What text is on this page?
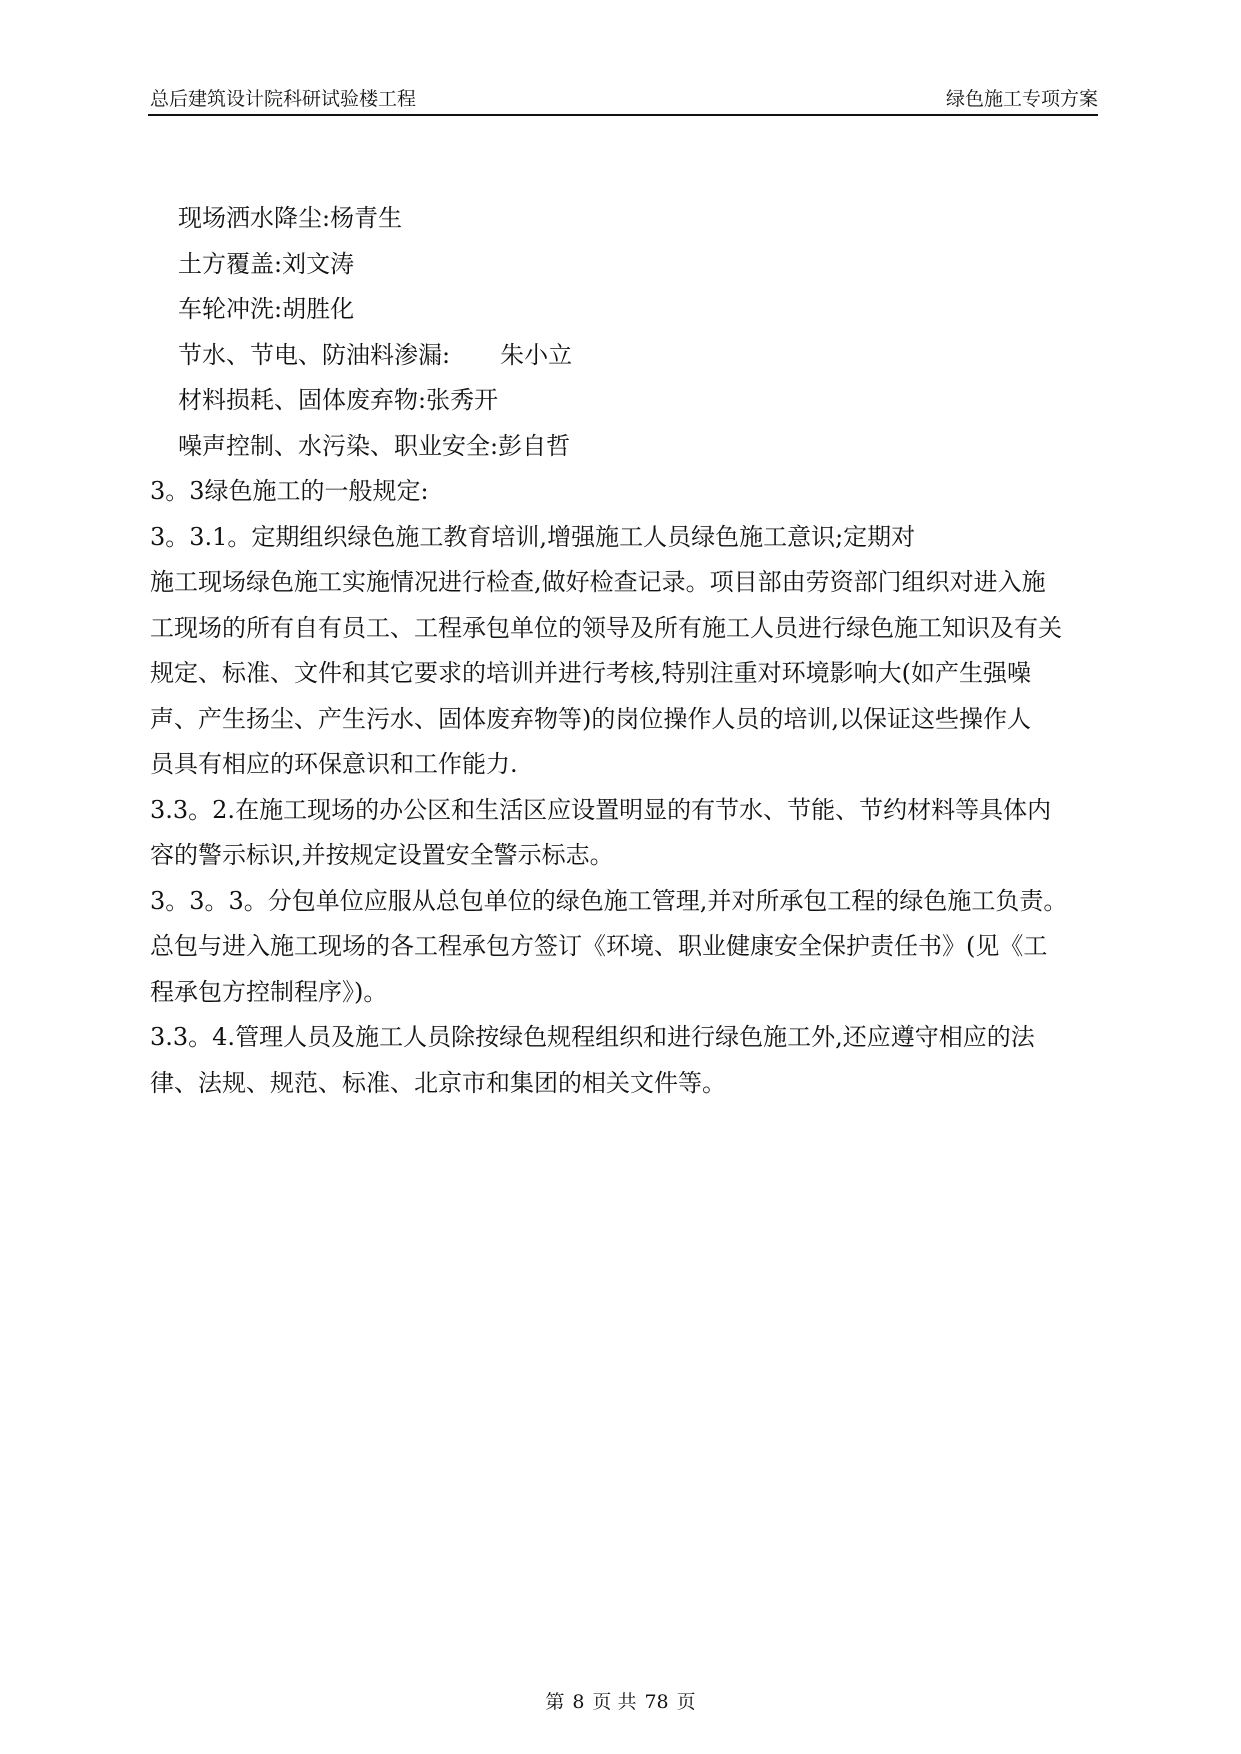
总后建筑设计院科研试验楼工程	绿色施工专项方案
现场洒水降尘:杨青生
土方覆盖:刘文涛
车轮冲洗:胡胜化
节水、节电、防油料渗漏: 朱小立
材料损耗、固体废弃物:张秀开
噪声控制、水污染、职业安全:彭自哲
3。3绿色施工的一般规定:
3。3.1。定期组织绿色施工教育培训,增强施工人员绿色施工意识;定期对
施工现场绿色施工实施情况进行检查,做好检查记录。项目部由劳资部门组织对进入施
工现场的所有自有员工、工程承包单位的领导及所有施工人员进行绿色施工知识及有关
规定、标准、文件和其它要求的培训并进行考核,特别注重对环境影响大(如产生强噪
声、产生扬尘、产生污水、固体废弃物等)的岗位操作人员的培训,以保证这些操作人
员具有相应的环保意识和工作能力.
3.3。2.在施工现场的办公区和生活区应设置明显的有节水、节能、节约材料等具体内
容的警示标识,并按规定设置安全警示标志。
3。3。3。分包单位应服从总包单位的绿色施工管理,并对所承包工程的绿色施工负责。
总包与进入施工现场的各工程承包方签订《环境、职业健康安全保护责任书》(见《工
程承包方控制程序》)。
3.3。4.管理人员及施工人员除按绿色规程组织和进行绿色施工外,还应遵守相应的法
律、法规、规范、标准、北京市和集团的相关文件等。
第 8 页 共 78 页
